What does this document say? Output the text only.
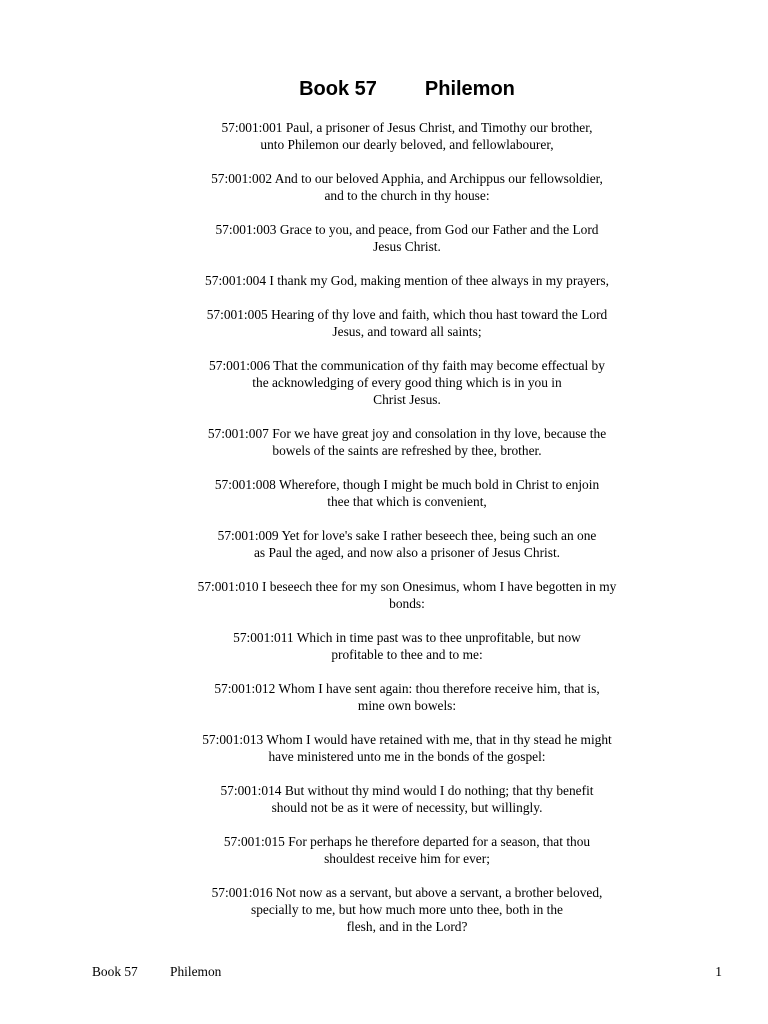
Book 57 Philemon
57:001:001 Paul, a prisoner of Jesus Christ, and Timothy our brother,
unto Philemon our dearly beloved, and fellowlabourer,
57:001:002 And to our beloved Apphia, and Archippus our fellowsoldier,
and to the church in thy house:
57:001:003 Grace to you, and peace, from God our Father and the Lord
Jesus Christ.
57:001:004 I thank my God, making mention of thee always in my prayers,
57:001:005 Hearing of thy love and faith, which thou hast toward the Lord
Jesus, and toward all saints;
57:001:006 That the communication of thy faith may become effectual by
the acknowledging of every good thing which is in you in
Christ Jesus.
57:001:007 For we have great joy and consolation in thy love, because the
bowels of the saints are refreshed by thee, brother.
57:001:008 Wherefore, though I might be much bold in Christ to enjoin
thee that which is convenient,
57:001:009 Yet for love's sake I rather beseech thee, being such an one
as Paul the aged, and now also a prisoner of Jesus Christ.
57:001:010 I beseech thee for my son Onesimus, whom I have begotten in my
bonds:
57:001:011 Which in time past was to thee unprofitable, but now
profitable to thee and to me:
57:001:012 Whom I have sent again: thou therefore receive him, that is,
mine own bowels:
57:001:013 Whom I would have retained with me, that in thy stead he might
have ministered unto me in the bonds of the gospel:
57:001:014 But without thy mind would I do nothing; that thy benefit
should not be as it were of necessity, but willingly.
57:001:015 For perhaps he therefore departed for a season, that thou
shouldest receive him for ever;
57:001:016 Not now as a servant, but above a servant, a brother beloved,
specially to me, but how much more unto thee, both in the
flesh, and in the Lord?
Book 57 Philemon	1
